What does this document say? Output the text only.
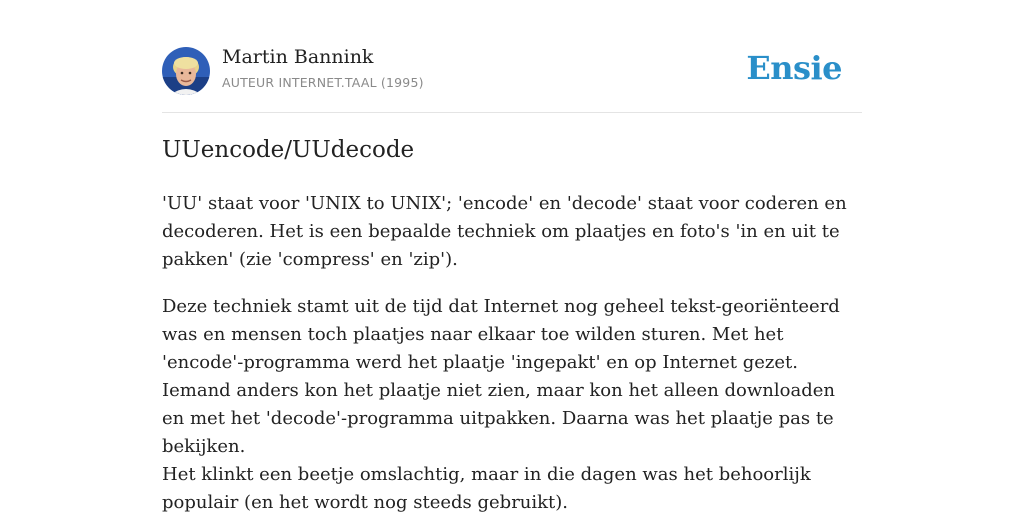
Martin Bannink
AUTEUR INTERNET.TAAL (1995)	Ensie
UUencode/UUdecode

'UU' staat voor 'UNIX to UNIX'; 'encode' en 'decode' staat voor coderen en decoderen. Het is een bepaalde techniek om plaatjes en foto's 'in en uit te pakken' (zie 'compress' en 'zip').

Deze techniek stamt uit de tijd dat Internet nog geheel tekst-georiënteerd was en mensen toch plaatjes naar elkaar toe wilden sturen. Met het 'encode'-programma werd het plaatje 'ingepakt' en op Internet gezet. Iemand anders kon het plaatje niet zien, maar kon het alleen downloaden en met het 'decode'-programma uitpakken. Daarna was het plaatje pas te bekijken.

Het klinkt een beetje omslachtig, maar in die dagen was het behoorlijk populair (en het wordt nog steeds gebruikt).
